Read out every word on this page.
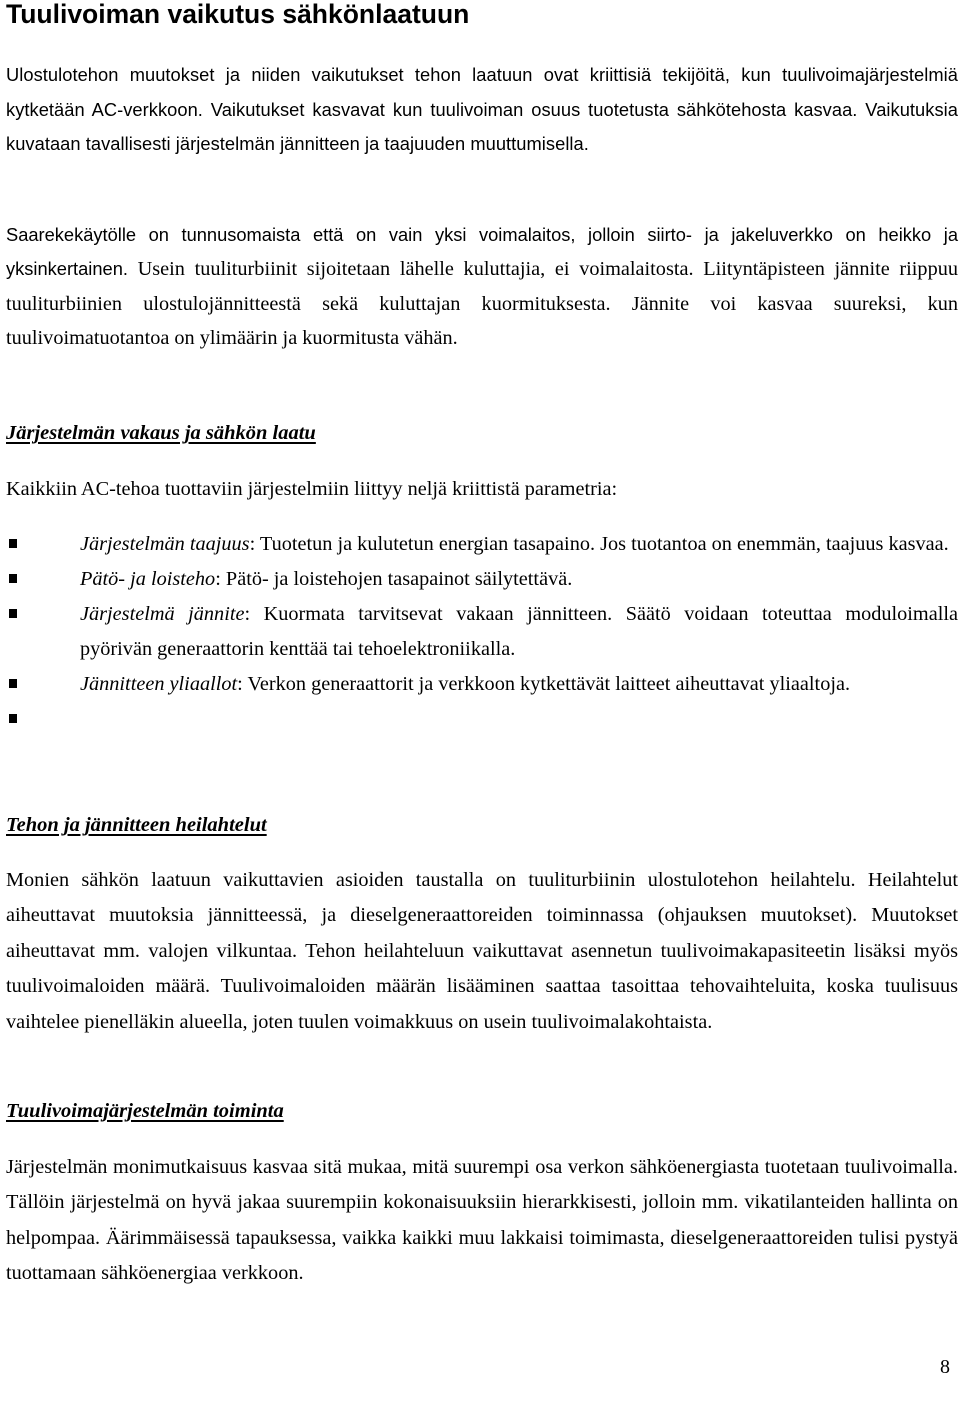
Tuulivoiman vaikutus sähkönlaatuun

Ulostulotehon muutokset ja niiden vaikutukset tehon laatuun ovat kriittisiä tekijöitä, kun tuulivoimajärjestelmiä kytketään AC-verkkoon. Vaikutukset kasvavat kun tuulivoiman osuus tuotetusta sähkötehosta kasvaa. Vaikutuksia kuvataan tavallisesti järjestelmän jännitteen ja taajuuden muuttumisella.

Saarekekäytölle on tunnusomaista että on vain yksi voimalaitos, jolloin siirto- ja jakeluverkko on heikko ja yksinkertainen. Usein tuuliturbiinit sijoitetaan lähelle kuluttajia, ei voimalaitosta. Liityntäpisteen jännite riippuu tuuliturbiinien ulostulojännitteestä sekä kuluttajan kuormituksesta. Jännite voi kasvaa suureksi, kun tuulivoimatuotantoa on ylimäärin ja kuormitusta vähän.

Järjestelmän vakaus ja sähkön laatu

Kaikkiin AC-tehoa tuottaviin järjestelmiin liittyy neljä kriittistä parametria:

Järjestelmän taajuus: Tuotetun ja kulutetun energian tasapaino. Jos tuotantoa on enemmän, taajuus kasvaa.
Pätö- ja loisteho: Pätö- ja loistehojen tasapainot säilytettävä.
Järjestelmä jännite: Kuormata tarvitsevat vakaan jännitteen. Säätö voidaan toteuttaa moduloimalla pyörivän generaattorin kenttää tai tehoelektroniikalla.
Jännitteen yliaallot: Verkon generaattorit ja verkkoon kytkettävät laitteet aiheuttavat yliaaltoja.
Tehon ja jännitteen heilahtelut

Monien sähkön laatuun vaikuttavien asioiden taustalla on tuuliturbiinin ulostulotehon heilahtelu. Heilahtelut aiheuttavat muutoksia jännitteessä, ja dieselgeneraattoreiden toiminnassa (ohjauksen muutokset). Muutokset aiheuttavat mm. valojen vilkuntaa. Tehon heilahteluun vaikuttavat asennetun tuulivoimakapasiteetin lisäksi myös tuulivoimaloiden määrä. Tuulivoimaloiden määrän lisääminen saattaa tasoittaa tehovaihteluita, koska tuulisuus vaihtelee pienelläkin alueella, joten tuulen voimakkuus on usein tuulivoimalakohtaista.

Tuulivoimajärjestelmän toiminta

Järjestelmän monimutkaisuus kasvaa sitä mukaa, mitä suurempi osa verkon sähköenergiasta tuotetaan tuulivoimalla. Tällöin järjestelmä on hyvä jakaa suurempiin kokonaisuuksiin hierarkkisesti, jolloin mm. vikatilanteiden hallinta on helpompaa. Äärimmäisessä tapauksessa, vaikka kaikki muu lakkaisi toimimasta, dieselgeneraattoreiden tulisi pystyä tuottamaan sähköenergiaa verkkoon.

8
